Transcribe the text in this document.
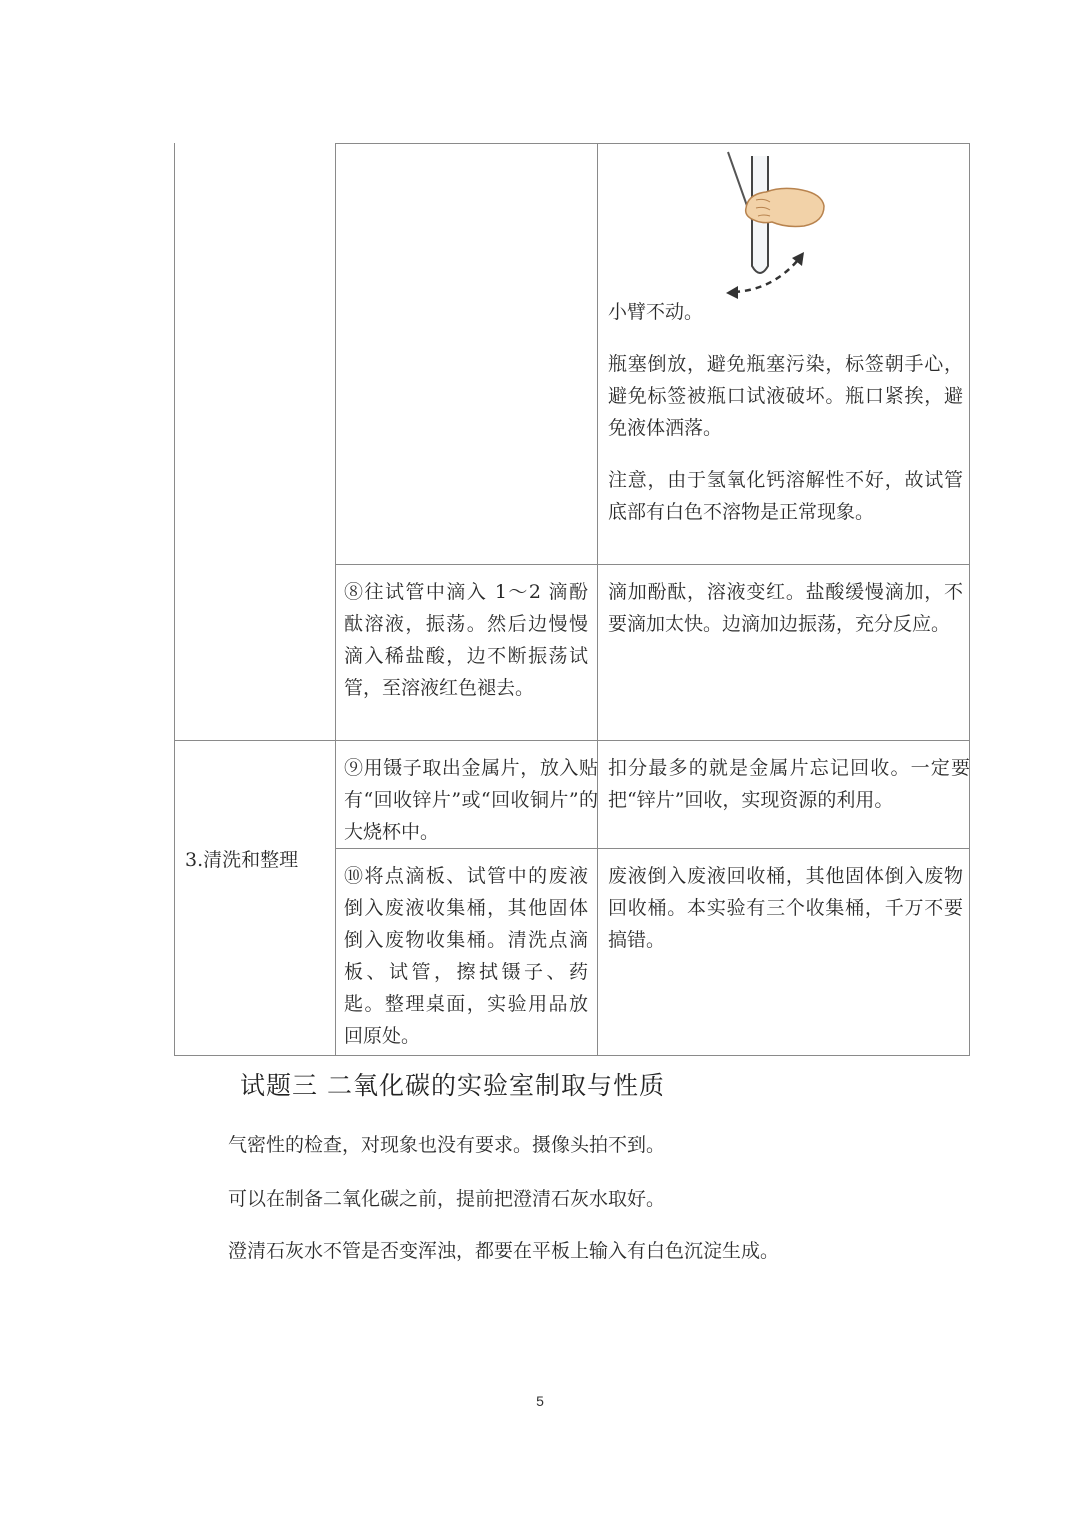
小臂不动。

瓶塞倒放，避免瓶塞污染，标签朝手心，避免标签被瓶口试液破坏。瓶口紧挨，避免液体洒落。

注意，由于氢氧化钙溶解性不好，故试管底部有白色不溶物是正常现象。

⑧往试管中滴入 1～2 滴酚酞溶液，振荡。然后边慢慢滴入稀盐酸，边不断振荡试管，至溶液红色褪去。

滴加酚酞，溶液变红。盐酸缓慢滴加，不要滴加太快。边滴加边振荡，充分反应。

3.清洗和整理

⑨用镊子取出金属片，放入贴有“回收锌片”或“回收铜片”的大烧杯中。

扣分最多的就是金属片忘记回收。一定要把“锌片”回收，实现资源的利用。

⑩将点滴板、试管中的废液倒入废液收集桶，其他固体倒入废物收集桶。清洗点滴板、试管，擦拭镊子、药匙。整理桌面，实验用品放回原处。

废液倒入废液回收桶，其他固体倒入废物回收桶。本实验有三个收集桶，千万不要搞错。

试题三 二氧化碳的实验室制取与性质
气密性的检查，对现象也没有要求。摄像头拍不到。
可以在制备二氧化碳之前，提前把澄清石灰水取好。
澄清石灰水不管是否变浑浊，都要在平板上输入有白色沉淀生成。
5
